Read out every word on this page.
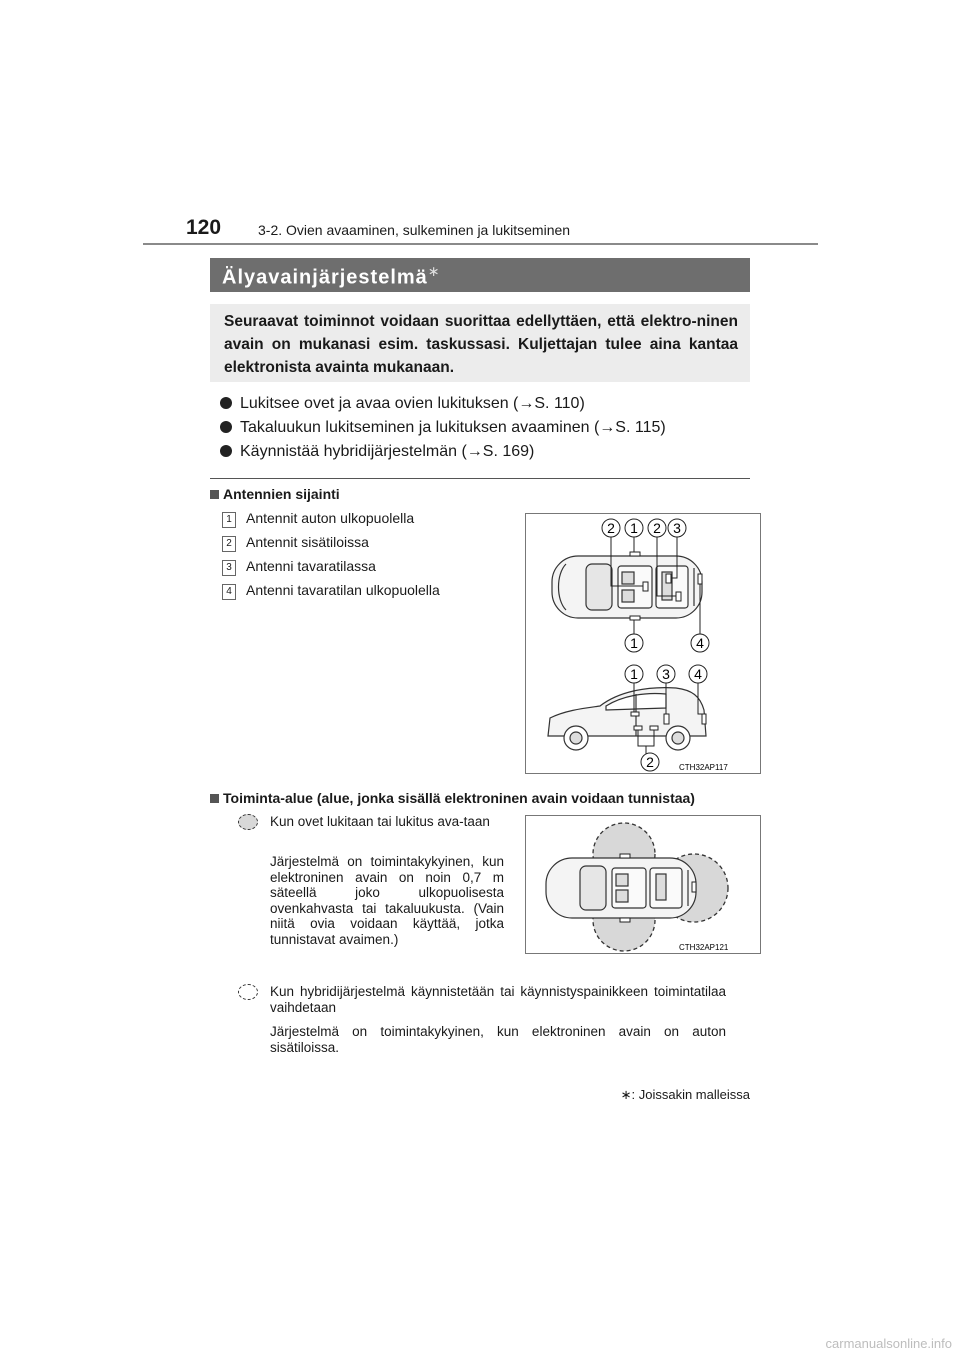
120	3-2. Ovien avaaminen, sulkeminen ja lukitseminen
Älyavainjärjestelmä∗
Seuraavat toiminnot voidaan suorittaa edellyttäen, että elektro-ninen avain on mukanasi esim. taskussasi. Kuljettajan tulee aina kantaa elektronista avainta mukanaan.
Lukitsee ovet ja avaa ovien lukituksen (→S. 110)
Takaluukun lukitseminen ja lukituksen avaaminen (→S. 115)
Käynnistää hybridijärjestelmän (→S. 169)
Antennien sijainti
1 Antennit auton ulkopuolella
2 Antennit sisätiloissa
3 Antenni tavaratilassa
4 Antenni tavaratilan ulkopuolella
2 1 2 3
1	4
1 3 4
2	CTH32AP117
Toiminta-alue (alue, jonka sisällä elektroninen avain voidaan tunnistaa)
Kun ovet lukitaan tai lukitus ava-taan
Järjestelmä on toimintakykyinen, kun elektroninen avain on noin 0,7 m säteellä joko ulkopuolisesta ovenkahvasta tai takaluukusta. (Vain niitä ovia voidaan käyttää, jotka tunnistavat avaimen.)
CTH32AP121
Kun hybridijärjestelmä käynnistetään tai käynnistyspainikkeen toimintatilaa vaihdetaan
Järjestelmä on toimintakykyinen, kun elektroninen avain on auton sisätiloissa.
∗: Joissakin malleissa
carmanualsonline.info
